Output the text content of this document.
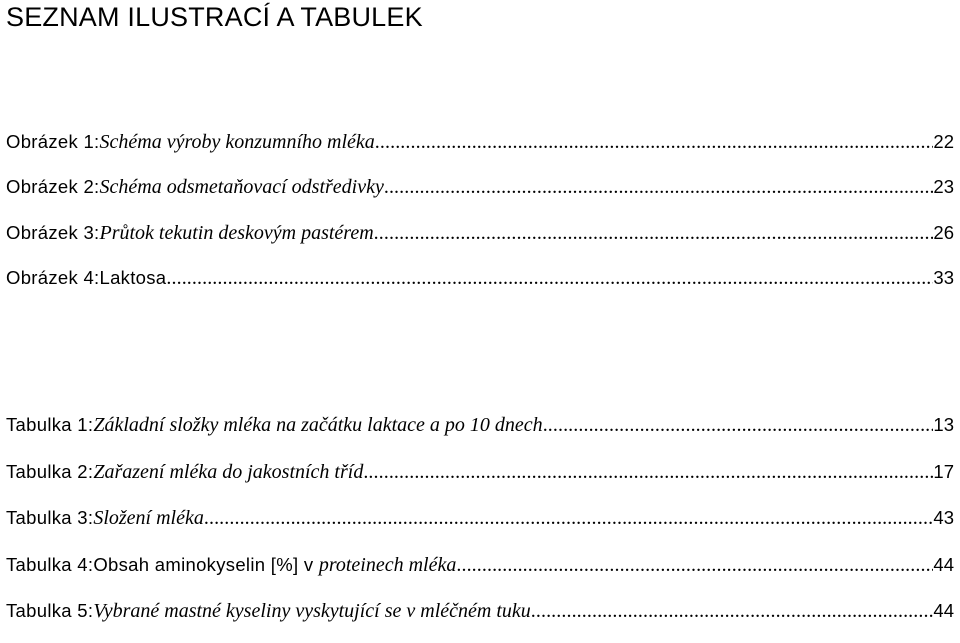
SEZNAM ILUSTRACÍ A TABULEK
Obrázek 1: Schéma výroby konzumního mléka .....	22
Obrázek 2: Schéma odsmetaňovací odstředivky .....	23
Obrázek 3: Průtok tekutin deskovým pastérem .....	26
Obrázek 4: Laktosa .....	33
Tabulka 1: Základní složky mléka na začátku laktace a po 10 dnech .....	13
Tabulka 2: Zařazení mléka do jakostních tříd .....	17
Tabulka 3: Složení mléka .....	43
Tabulka 4: Obsah aminokyselin [%] v proteinech mléka .....	44
Tabulka 5: Vybrané mastné kyseliny vyskytující se v mléčném tuku .....	44
